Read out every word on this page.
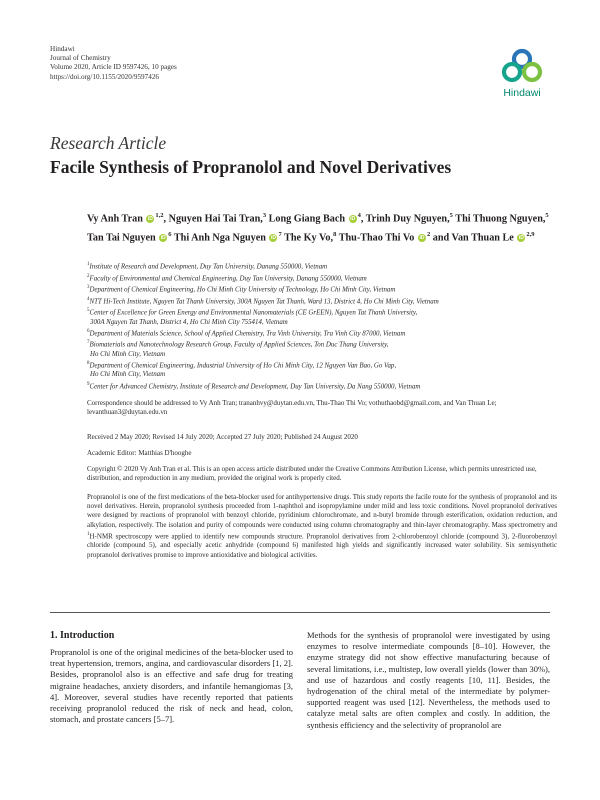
Hindawi
Journal of Chemistry
Volume 2020, Article ID 9597426, 10 pages
https://doi.org/10.1155/2020/9597426
Hindawi
Research Article
Facile Synthesis of Propranolol and Novel Derivatives
Vy Anh Tran iD$^{1,2}$, Nguyen Hai Tai Tran,$^3$ Long Giang Bach $iD^4$, Trinh Duy Nguyen,$^5$ Thi Thuong Nguyen,$^5$ Tan Tai Nguyen $iD^6$ Thi Anh Nga Nguyen $iD^7$ The Ky Vo,$^8$ Thu-Thao Thi Vo $iD^2$ and Van Thuan Le iD$^{2,9}$
$^1$Institute of Research and Development, Duy Tan University, Danang 550000, Vietnam
$^2$Faculty of Environmental and Chemical Engineering, Duy Tan University, Danang 550000, Vietnam
$^3$Department of Chemical Engineering, Ho Chi Minh City University of Technology, Ho Chi Minh City, Vietnam
$^4$NTT Hi-Tech Institute, Nguyen Tat Thanh University, 300A Nguyen Tat Thanh, Ward 13, District 4, Ho Chi Minh City, Vietnam
$^5$Center of Excellence for Green Energy and Environmental Nanomaterials (CE GrEEN), Nguyen Tat Thanh University,
300A Nguyen Tat Thanh, District 4, Ho Chi Minh City 755414, Vietnam
$^6$Department of Materials Science, School of Applied Chemistry, Tra Vinh University, Tra Vinh City 87000, Vietnam
$^7$Biomaterials and Nanotechnology Research Group, Faculty of Applied Sciences, Ton Duc Thang University,
Ho Chi Minh City, Vietnam
$^8$Department of Chemical Engineering, Industrial University of Ho Chi Minh City, 12 Nguyen Van Bao, Go Vap,
Ho Chi Minh City, Vietnam
$^9$Center for Advanced Chemistry, Institute of Research and Development, Duy Tan University, Da Nang 550000, Vietnam
Correspondence should be addressed to Vy Anh Tran; trananhvy@duytan.edu.vn, Thu-Thao Thi Vo; vothuthaobd@gmail.com, and Van Thuan Le; levanthuan3@duytan.edu.vn
Received 2 May 2020; Revised 14 July 2020; Accepted 27 July 2020; Published 24 August 2020
Academic Editor: Matthias D'hooghe
Copyright © 2020 Vy Anh Tran et al. This is an open access article distributed under the Creative Commons Attribution License, which permits unrestricted use, distribution, and reproduction in any medium, provided the original work is properly cited.
Propranolol is one of the first medications of the beta-blocker used for antihypertensive drugs. This study reports the facile route for the synthesis of propranolol and its novel derivatives. Herein, propranolol synthesis proceeded from 1-naphthol and isopropylamine under mild and less toxic conditions. Novel propranolol derivatives were designed by reactions of propranolol with benzoyl chloride, pyridinium chlorochromate, and n-butyl bromide through esterification, oxidation reduction, and alkylation, respectively. The isolation and purity of compounds were conducted using column chromatography and thin-layer chromatography. Mass spectrometry and $^1$H-NMR spectroscopy were applied to identify new compounds structure. Propranolol derivatives from 2-chlorobenzoyl chloride (compound 3), 2-fluorobenzoyl chloride (compound 5), and especially acetic anhydride (compound 6) manifested high yields and significantly increased water solubility. Six semisynthetic propranolol derivatives promise to improve antioxidative and biological activities.
1. Introduction
Propranolol is one of the original medicines of the beta-blocker used to treat hypertension, tremors, angina, and cardiovascular disorders [1, 2]. Besides, propranolol also is an effective and safe drug for treating migraine headaches, anxiety disorders, and infantile hemangiomas [3, 4]. Moreover, several studies have recently reported that patients receiving propranolol reduced the risk of neck and head, colon, stomach, and prostate cancers [5–7].
Methods for the synthesis of propranolol were investigated by using enzymes to resolve intermediate compounds [8–10]. However, the enzyme strategy did not show effective manufacturing because of several limitations, i.e., multistep, low overall yields (lower than 30%), and use of hazardous and costly reagents [10, 11]. Besides, the hydrogenation of the chiral metal of the intermediate by polymer-supported reagent was used [12]. Nevertheless, the methods used to catalyze metal salts are often complex and costly. In addition, the synthesis efficiency and the selectivity of propranolol are
